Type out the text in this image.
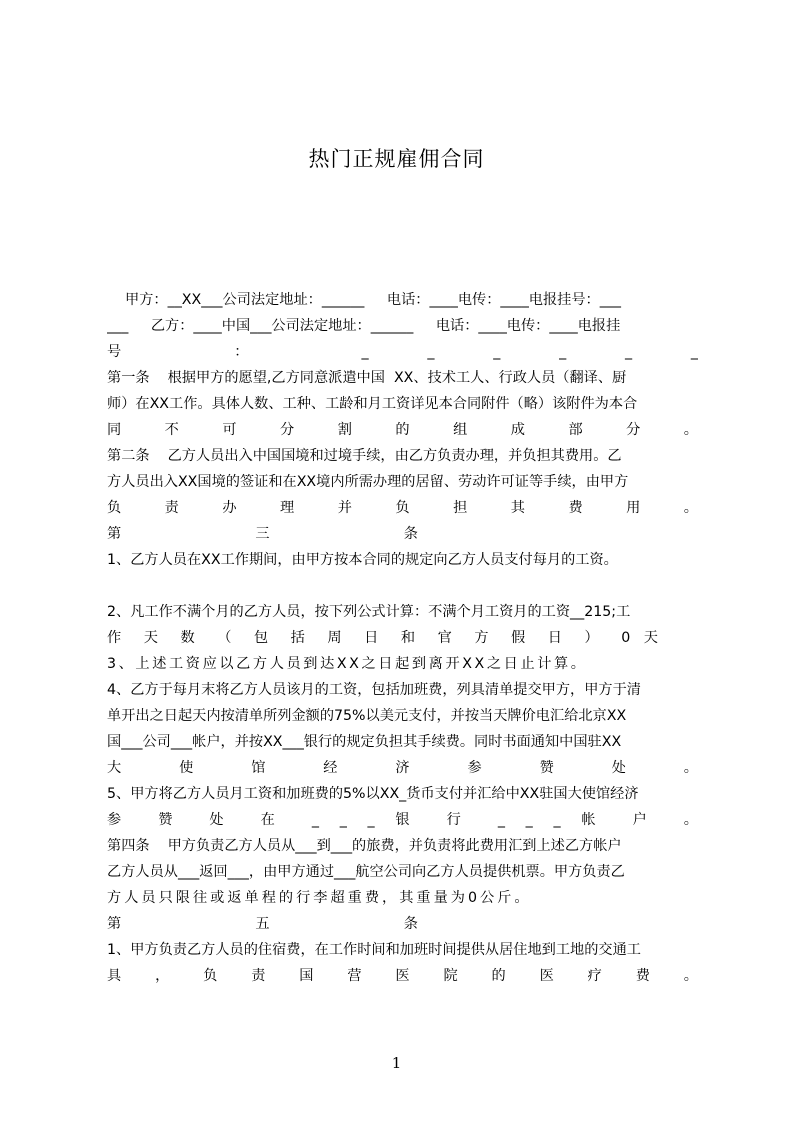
热门正规雇佣合同
甲方：__XX___公司法定地址：______     电话：____电传：____电报挂号：___
___     乙方：____中国___公司法定地址：______     电话：____电传：____电报挂
号 ： _ _ _ _ _ _
第一条    根据甲方的愿望,乙方同意派遣中国  XX、技术工人、行政人员（翻译、厨
师）在XX工作。具体人数、工种、工龄和月工资详见本合同附件（略）该附件为本合
同 不 可 分 割 的 组 成 部 分 。
第二条    乙方人员出入中国国境和过境手续，由乙方负责办理，并负担其费用。乙
方人员出入XX国境的签证和在XX境内所需办理的居留、劳动许可证等手续，由甲方
负 责 办 理 并 负 担 其 费 用 。
第 三 条
1、乙方人员在XX工作期间，由甲方按本合同的规定向乙方人员支付每月的工资。
2、凡工作不满个月的乙方人员，按下列公式计算：不满个月工资月的工资__215;工
作 天 数 （ 包 括 周 日 和 官 方 假 日 ） 0 天
3、上述工资应以乙方人员到达XX之日起到离开XX之日止计算。
4、乙方于每月末将乙方人员该月的工资，包括加班费，列具清单提交甲方，甲方于清
单开出之日起天内按清单所列金额的75%以美元支付，并按当天牌价电汇给北京XX
国___公司___帐户，并按XX___银行的规定负担其手续费。同时书面通知中国驻XX
大 使 馆 经 济 参 赞 处 。
5、甲方将乙方人员月工资和加班费的5%以XX_货币支付并汇给中XX驻国大使馆经济
参 赞 处 在 _ _ _ 银 行 _ _ _ 帐 户 。
第四条    甲方负责乙方人员从___到___的旅费，并负责将此费用汇到上述乙方帐户
乙方人员从___返回___，由甲方通过___航空公司向乙方人员提供机票。甲方负责乙
方人员只限往或返单程的行李超重费，其重量为0公斤。
第 五 条
1、甲方负责乙方人员的住宿费，在工作时间和加班时间提供从居住地到工地的交通工
具 ， 负 责 国 营 医 院 的 医 疗 费 。
1
